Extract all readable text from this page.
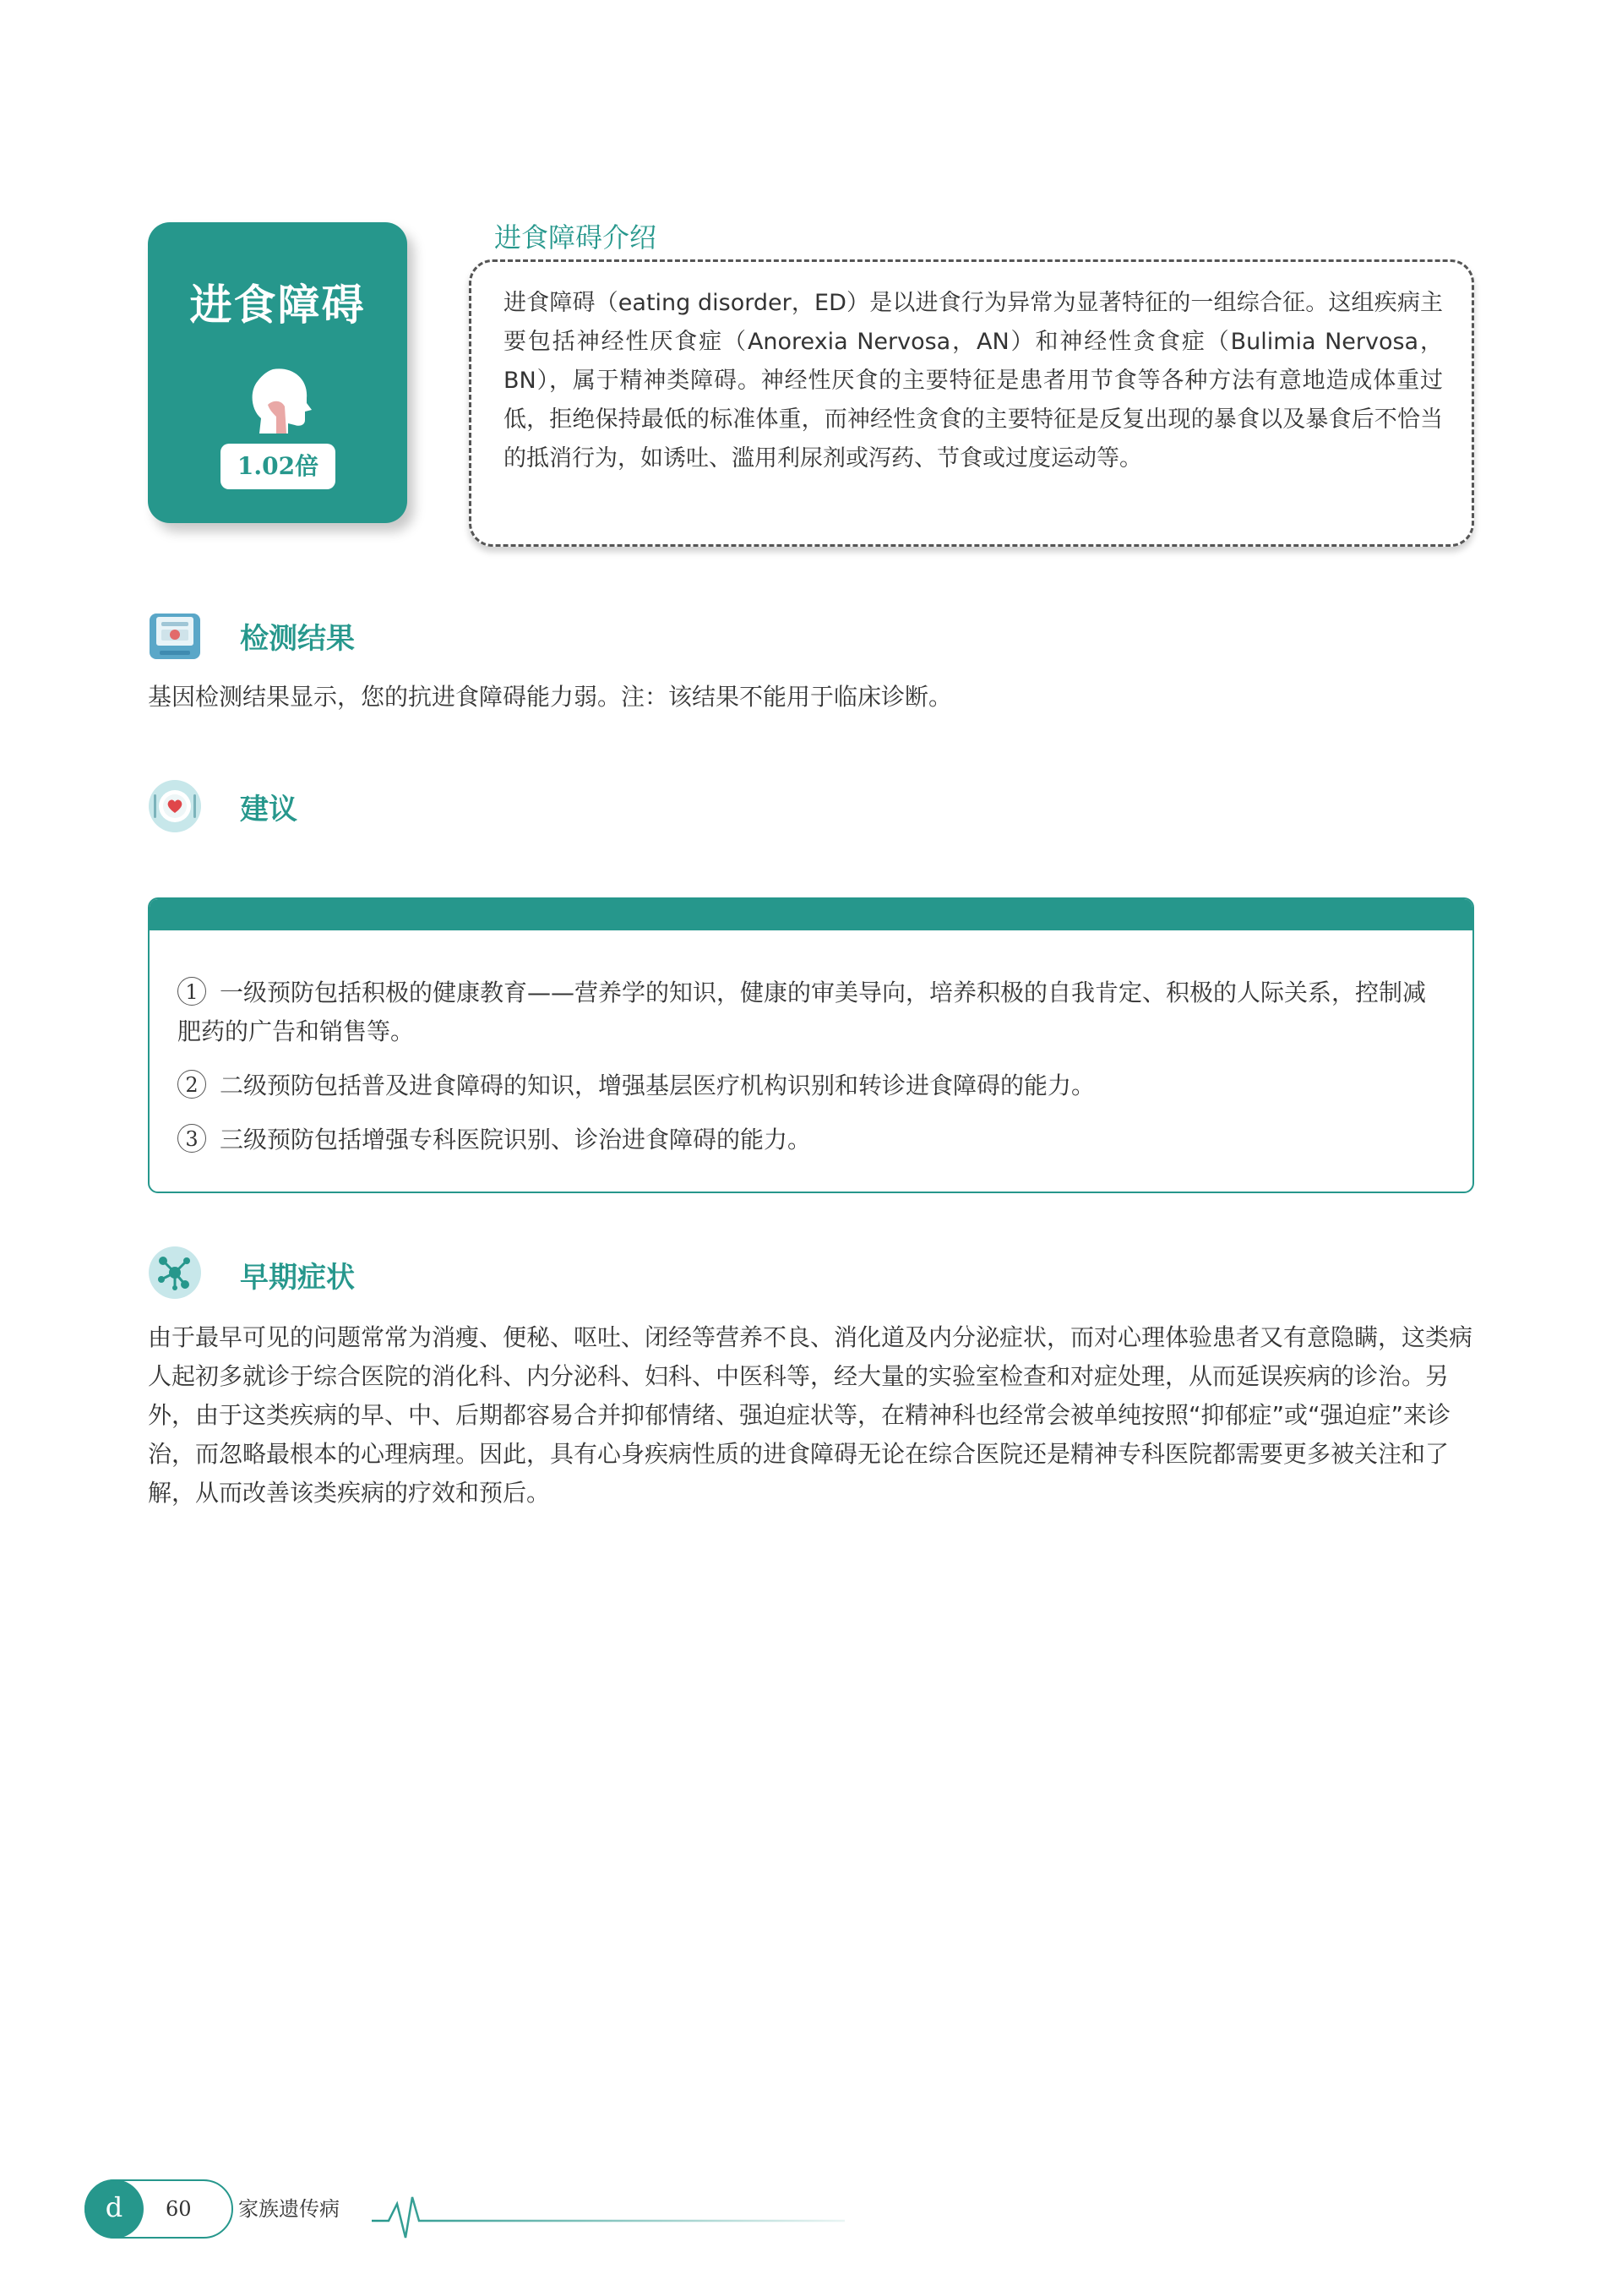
进食障碍
1.02倍
进食障碍介绍
进食障碍（eating disorder，ED）是以进食行为异常为显著特征的一组综合征。这组疾病主要包括神经性厌食症（Anorexia Nervosa，AN）和神经性贪食症（Bulimia Nervosa，BN），属于精神类障碍。神经性厌食的主要特征是患者用节食等各种方法有意地造成体重过低，拒绝保持最低的标准体重，而神经性贪食的主要特征是反复出现的暴食以及暴食后不恰当的抵消行为，如诱吐、滥用利尿剂或泻药、节食或过度运动等。
检测结果
基因检测结果显示，您的抗进食障碍能力弱。注：该结果不能用于临床诊断。
建议
1 一级预防包括积极的健康教育——营养学的知识，健康的审美导向，培养积极的自我肯定、积极的人际关系，控制减肥药的广告和销售等。
2 二级预防包括普及进食障碍的知识，增强基层医疗机构识别和转诊进食障碍的能力。
3 三级预防包括增强专科医院识别、诊治进食障碍的能力。
早期症状
由于最早可见的问题常常为消瘦、便秘、呕吐、闭经等营养不良、消化道及内分泌症状，而对心理体验患者又有意隐瞒，这类病人起初多就诊于综合医院的消化科、内分泌科、妇科、中医科等，经大量的实验室检查和对症处理，从而延误疾病的诊治。另外，由于这类疾病的早、中、后期都容易合并抑郁情绪、强迫症状等，在精神科也经常会被单纯按照“抑郁症”或“强迫症”来诊治，而忽略最根本的心理病理。因此，具有心身疾病性质的进食障碍无论在综合医院还是精神专科医院都需要更多被关注和了解，从而改善该类疾病的疗效和预后。
d	60 家族遗传病
